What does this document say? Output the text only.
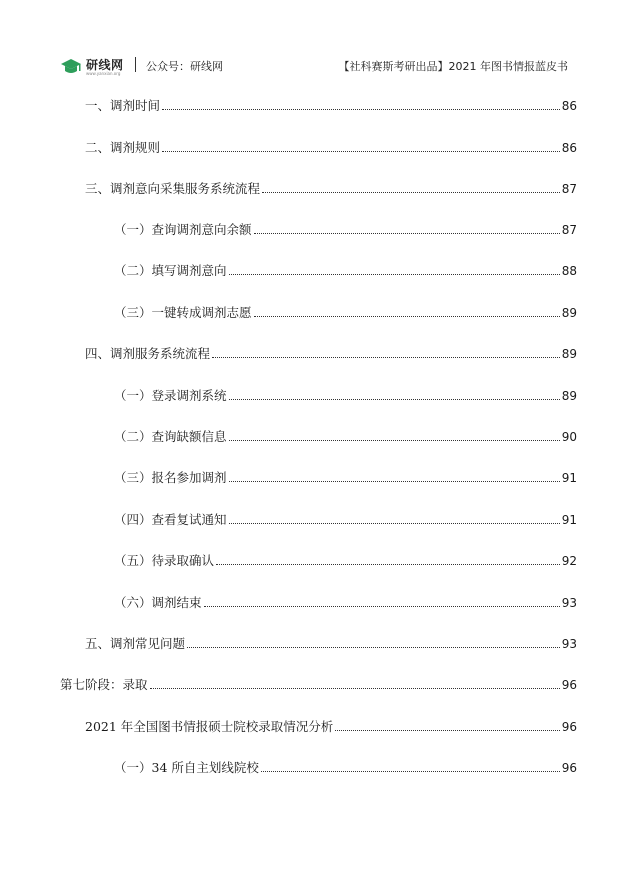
研线网
www.yanxian.org
公众号：研线网	【社科赛斯考研出品】2021 年图书情报蓝皮书
一、调剂时间	86
二、调剂规则	86
三、调剂意向采集服务系统流程	87
（一）查询调剂意向余额	87
（二）填写调剂意向	88
（三）一键转成调剂志愿	89
四、调剂服务系统流程	89
（一）登录调剂系统	89
（二）查询缺额信息	90
（三）报名参加调剂	91
（四）查看复试通知	91
（五）待录取确认	92
（六）调剂结束	93
五、调剂常见问题	93
第七阶段：录取	96
2021 年全国图书情报硕士院校录取情况分析	96
（一）34 所自主划线院校	96
